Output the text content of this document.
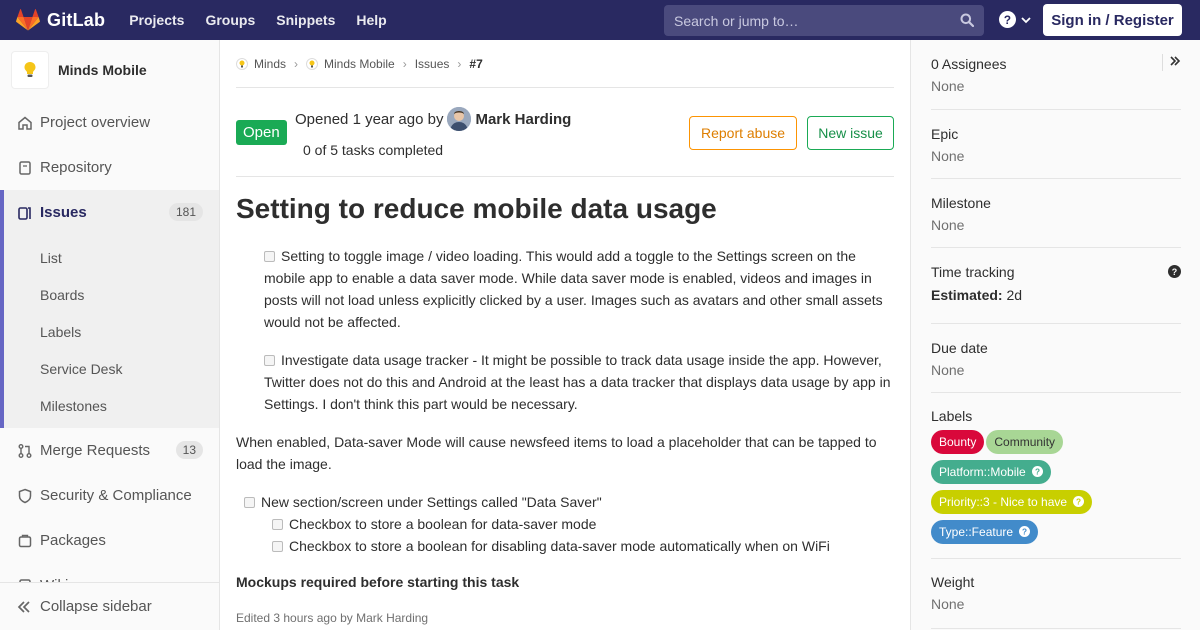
GitLab Projects Groups Snippets Help	Search or jump to…	?	Sign in / Register
Minds Mobile
Project overview
Repository
Issues	181
List
Boards
Labels
Service Desk
Milestones
Merge Requests	13
Security & Compliance
Packages
Collapse sidebar
Minds › Minds Mobile › Issues › #7
Open
Opened
1 year ago
by Mark Harding
0 of 5 tasks completed
Report abuse	New issue
Setting to reduce mobile data usage
Setting to toggle image / video loading. This would add a toggle to the Settings screen on the mobile app to enable a data saver mode. While data saver mode is enabled, videos and images in posts will not load unless explicitly clicked by a user. Images such as avatars and other small assets would not be affected.
Investigate data usage tracker - It might be possible to track data usage inside the app. However, Twitter does not do this and Android at the least has a data tracker that displays data usage by app in Settings. I don't think this part would be necessary.

When enabled, Data-saver Mode will cause newsfeed items to load a placeholder that can be tapped to load the image.

New section/screen under Settings called "Data Saver"
Checkbox to store a boolean for data-saver mode
Checkbox to store a boolean for disabling data-saver mode automatically when on WiFi

Mockups required before starting this task

Edited 3 hours ago by Mark Harding

0 Assignees
None
Epic
None
Milestone
None
Time tracking	?
Estimated: 2d
Due date
None
Labels
Bounty Community
Platform::Mobile ?
Priority::3 - Nice to have ?
Type::Feature ?
Weight
None
